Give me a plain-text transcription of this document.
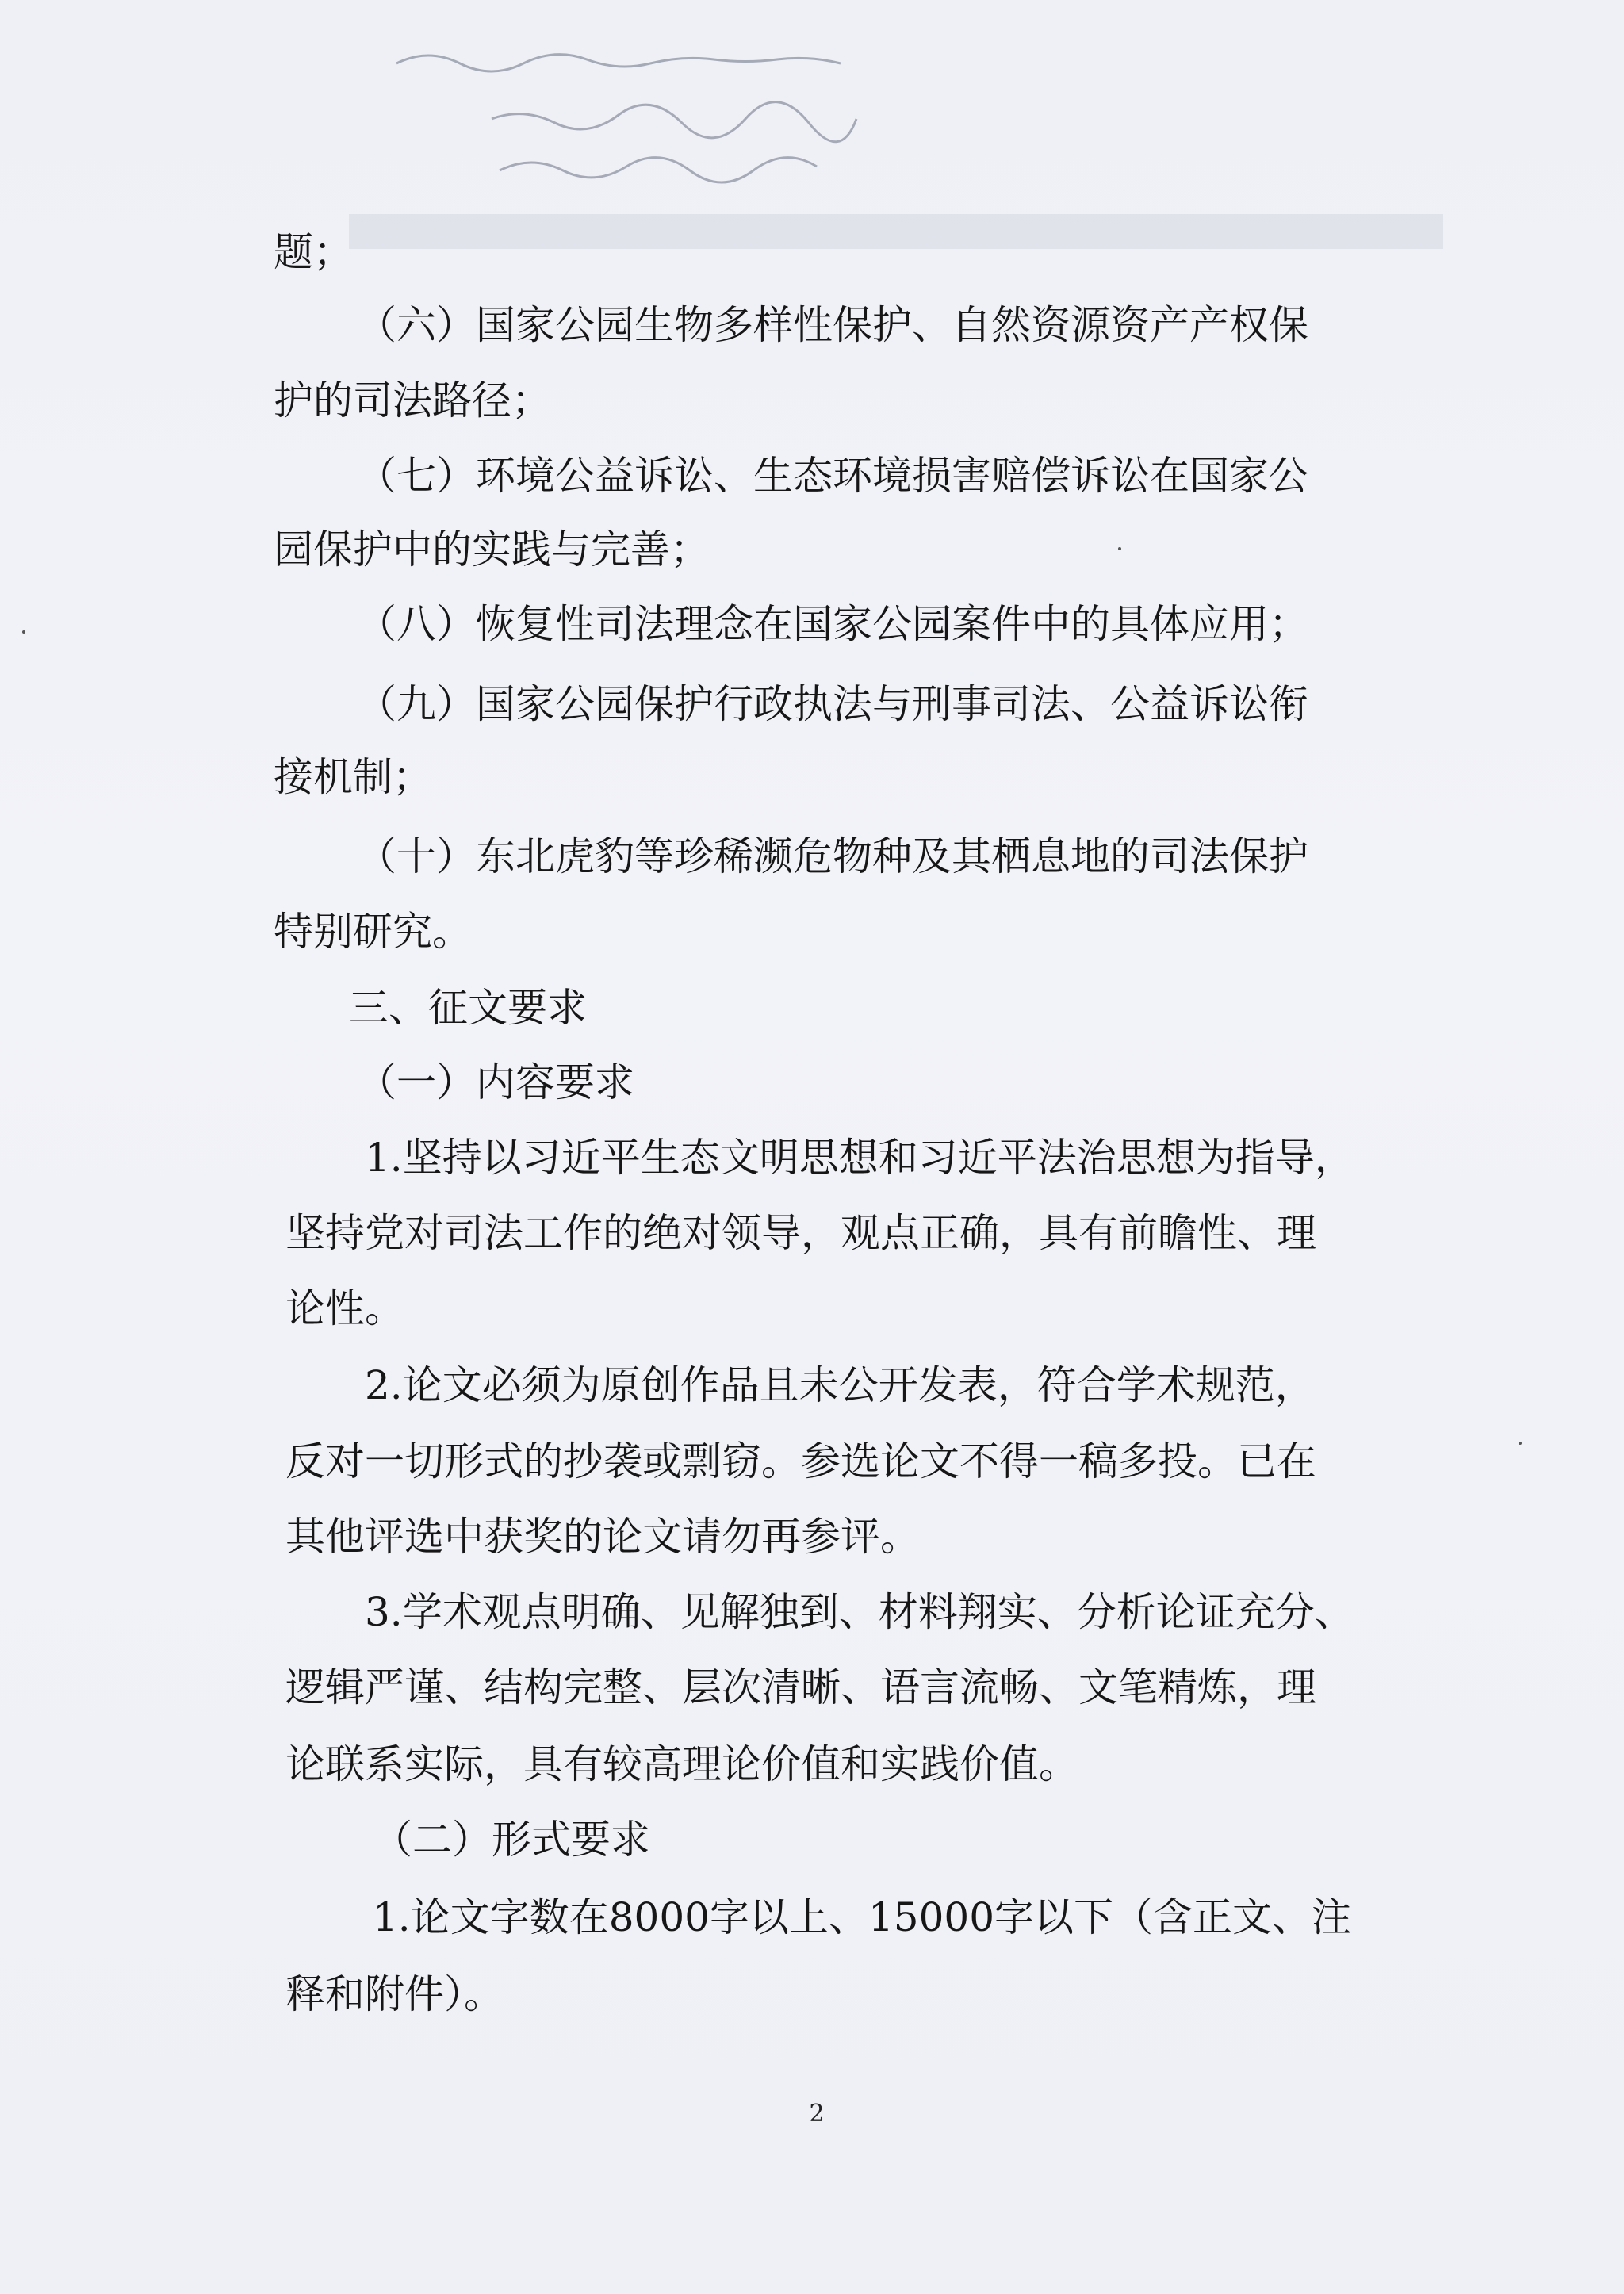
题；
（六）国家公园生物多样性保护、自然资源资产产权保
护的司法路径；
（七）环境公益诉讼、生态环境损害赔偿诉讼在国家公
园保护中的实践与完善；
（八）恢复性司法理念在国家公园案件中的具体应用；
（九）国家公园保护行政执法与刑事司法、公益诉讼衔
接机制；
（十）东北虎豹等珍稀濒危物种及其栖息地的司法保护
特别研究。
三、征文要求
（一）内容要求
1.坚持以习近平生态文明思想和习近平法治思想为指导，
坚持党对司法工作的绝对领导，观点正确，具有前瞻性、理
论性。
2.论文必须为原创作品且未公开发表，符合学术规范，
反对一切形式的抄袭或剽窃。参选论文不得一稿多投。已在
其他评选中获奖的论文请勿再参评。
3.学术观点明确、见解独到、材料翔实、分析论证充分、
逻辑严谨、结构完整、层次清晰、语言流畅、文笔精炼，理
论联系实际，具有较高理论价值和实践价值。
（二）形式要求
1.论文字数在8000字以上、15000字以下（含正文、注
释和附件）。
2
